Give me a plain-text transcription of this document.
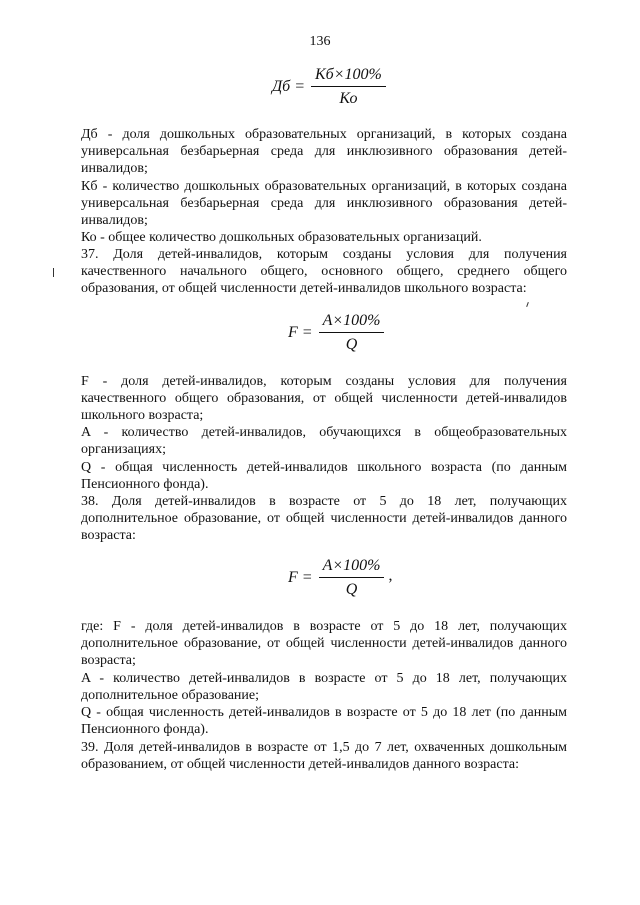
136
Дб = $\frac{Кб\times 100\%}{Ко}$

Дб - доля дошкольных образовательных организаций, в которых создана универсальная безбарьерная среда для инклюзивного образования детей-инвалидов;

Кб - количество дошкольных образовательных организаций, в которых создана универсальная безбарьерная среда для инклюзивного образования детей-инвалидов;

Ко - общее количество дошкольных образовательных организаций.

37. Доля детей-инвалидов, которым созданы условия для получения качественного начального общего, основного общего, среднего общего образования, от общей численности детей-инвалидов школьного возраста:

$F = \frac{A\times 100\%}{Q}$

F - доля детей-инвалидов, которым созданы условия для получения качественного общего образования, от общей численности детей-инвалидов школьного возраста;

A - количество детей-инвалидов, обучающихся в общеобразовательных организациях;

Q - общая численность детей-инвалидов школьного возраста (по данным Пенсионного фонда).

38. Доля детей-инвалидов в возрасте от 5 до 18 лет, получающих дополнительное образование, от общей численности детей-инвалидов данного возраста:

$F = \frac{A\times 100\%}{Q}$ ,

где: F - доля детей-инвалидов в возрасте от 5 до 18 лет, получающих дополнительное образование, от общей численности детей-инвалидов данного возраста;

A - количество детей-инвалидов в возрасте от 5 до 18 лет, получающих дополнительное образование;

Q - общая численность детей-инвалидов в возрасте от 5 до 18 лет (по данным Пенсионного фонда).

39. Доля детей-инвалидов в возрасте от 1,5 до 7 лет, охваченных дошкольным образованием, от общей численности детей-инвалидов данного возраста:
